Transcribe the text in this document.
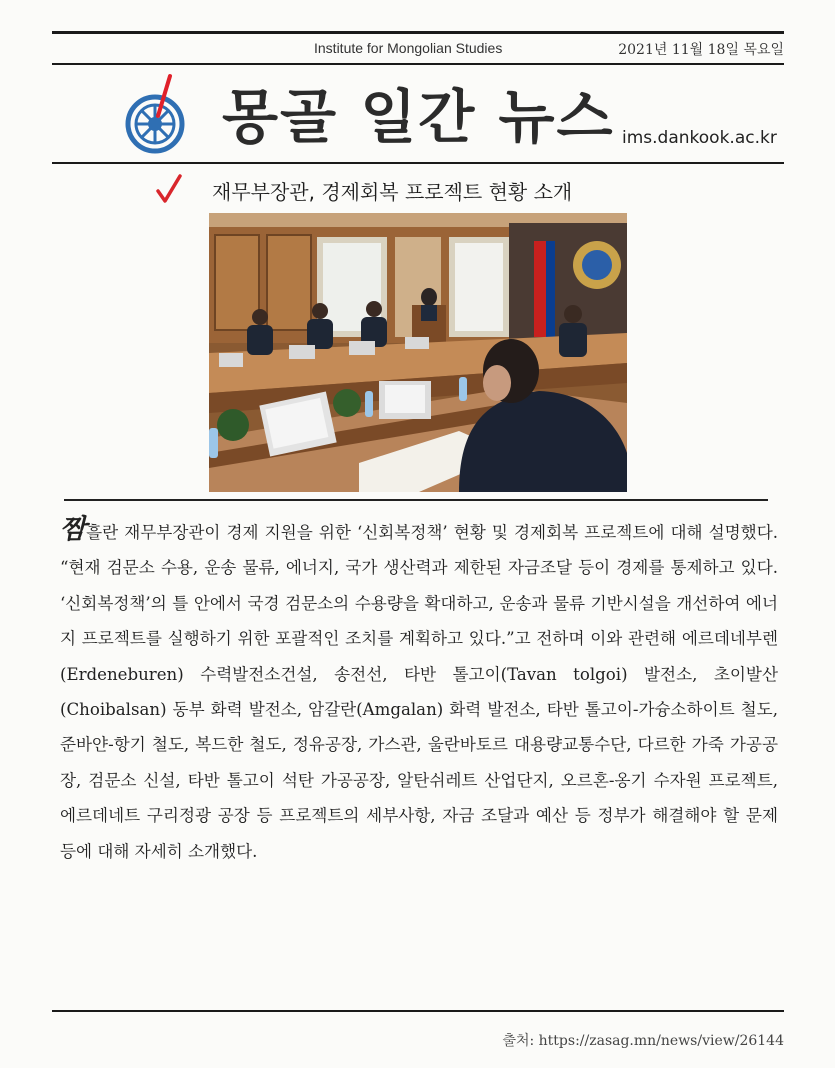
Institute for Mongolian Studies	2021년 11월 18일 목요일
몽골 일간 뉴스 ims.dankook.ac.kr
재무부장관, 경제회복 프로젝트 현황 소개

짬흘란 재무부장관이 경제 지원을 위한 ‘신회복정책’ 현황 및 경제회복 프로젝트에 대해 설명했다. “현재 검문소 수용, 운송 물류, 에너지, 국가 생산력과 제한된 자금조달 등이 경제를 통제하고 있다. ‘신회복정책’의 틀 안에서 국경 검문소의 수용량을 확대하고, 운송과 물류 기반시설을 개선하여 에너지 프로젝트를 실행하기 위한 포괄적인 조치를 계획하고 있다.”고 전하며 이와 관련해 에르데네부렌(Erdeneburen) 수력발전소건설, 송전선, 타반 톨고이(Tavan tolgoi) 발전소, 초이발산(Choibalsan) 동부 화력 발전소, 암갈란(Amgalan) 화력 발전소, 타반 톨고이-가슝소하이트 철도, 준바얀-항기 철도, 복드한 철도, 정유공장, 가스관, 울란바토르 대용량교통수단, 다르한 가죽 가공공장, 검문소 신설, 타반 톨고이 석탄 가공공장, 알탄쉬레트 산업단지, 오르혼-옹기 수자원 프로젝트, 에르데네트 구리정광 공장 등 프로젝트의 세부사항, 자금 조달과 예산 등 정부가 해결해야 할 문제 등에 대해 자세히 소개했다.

출처: https://zasag.mn/news/view/26144
